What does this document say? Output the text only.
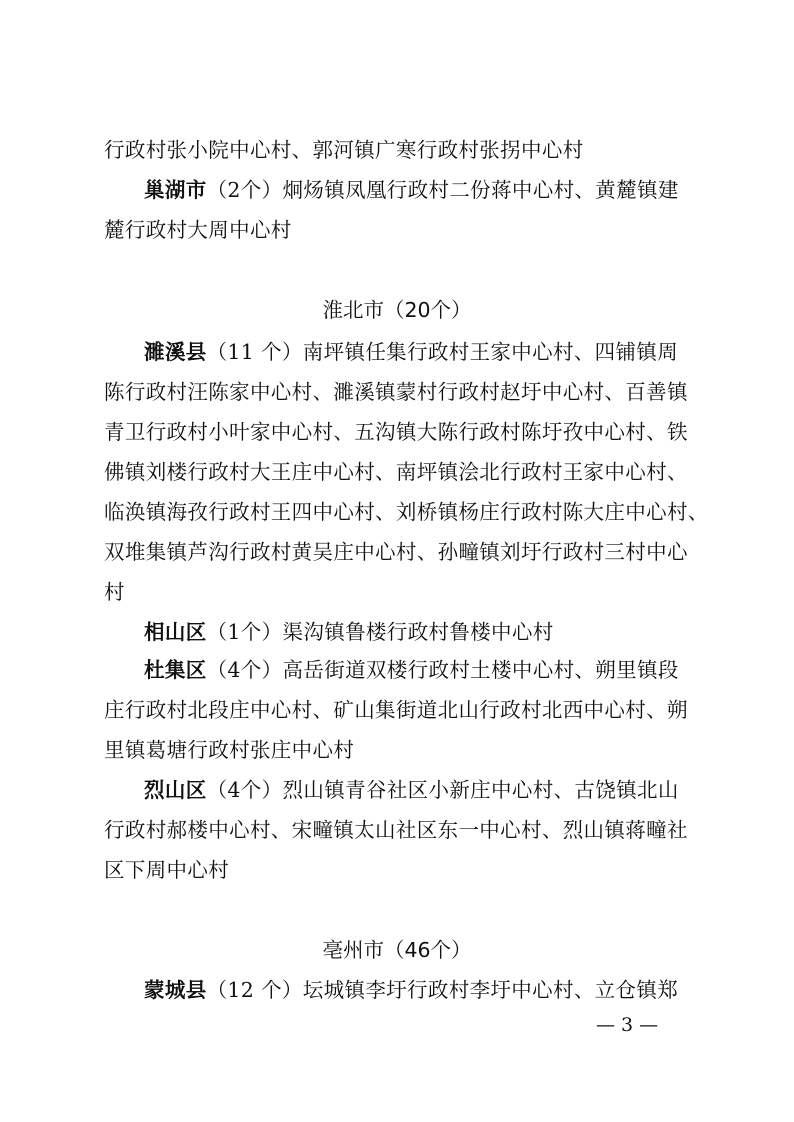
行政村张小院中心村、郭河镇广寒行政村张拐中心村
巢湖市（2个）炯炀镇凤凰行政村二份蒋中心村、黄麓镇建
麓行政村大周中心村
淮北市（20个）
濉溪县（11 个）南坪镇任集行政村王家中心村、四铺镇周
陈行政村汪陈家中心村、濉溪镇蒙村行政村赵圩中心村、百善镇
青卫行政村小叶家中心村、五沟镇大陈行政村陈圩孜中心村、铁
佛镇刘楼行政村大王庄中心村、南坪镇浍北行政村王家中心村、
临涣镇海孜行政村王四中心村、刘桥镇杨庄行政村陈大庄中心村、
双堆集镇芦沟行政村黄吴庄中心村、孙疃镇刘圩行政村三村中心
村
相山区（1个）渠沟镇鲁楼行政村鲁楼中心村
杜集区（4个）高岳街道双楼行政村土楼中心村、朔里镇段
庄行政村北段庄中心村、矿山集街道北山行政村北西中心村、朔
里镇葛塘行政村张庄中心村
烈山区（4个）烈山镇青谷社区小新庄中心村、古饶镇北山
行政村郝楼中心村、宋疃镇太山社区东一中心村、烈山镇蒋疃社
区下周中心村
亳州市（46个）
蒙城县（12 个）坛城镇李圩行政村李圩中心村、立仓镇郑
— 3 —
